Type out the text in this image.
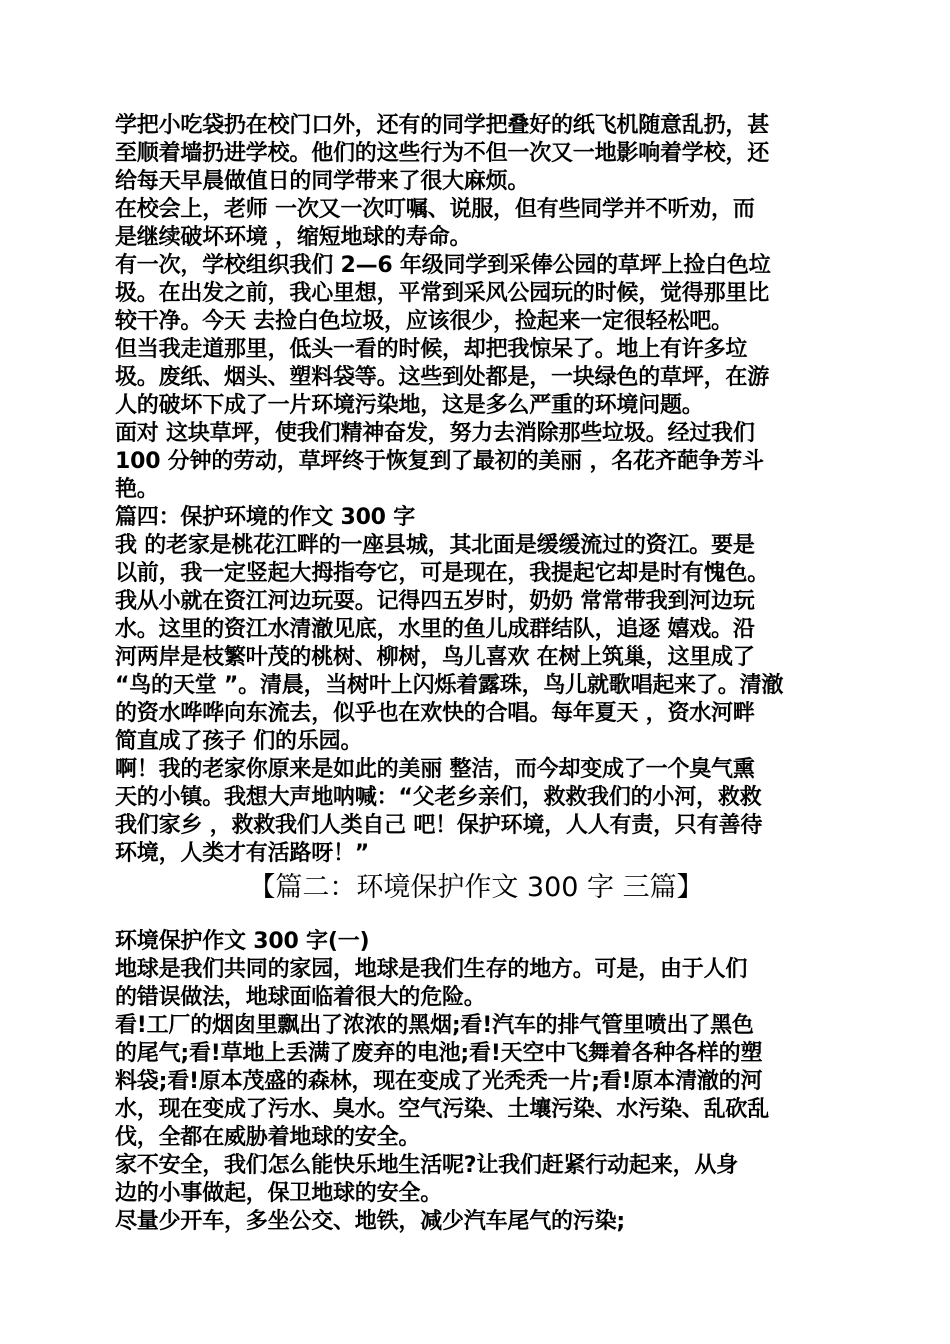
学把小吃袋扔在校门口外，还有的同学把叠好的纸飞机随意乱扔，甚
至顺着墙扔进学校。他们的这些行为不但一次又一地影响着学校，还
给每天早晨做值日的同学带来了很大麻烦。
在校会上，老师 一次又一次叮嘱、说服，但有些同学并不听劝，而
是继续破坏环境 ，缩短地球的寿命。
有一次，学校组织我们 2—6 年级同学到采俸公园的草坪上捡白色垃
圾。在出发之前，我心里想，平常到采风公园玩的时候，觉得那里比
较干净。今天 去捡白色垃圾，应该很少，捡起来一定很轻松吧。
但当我走道那里，低头一看的时候，却把我惊呆了。地上有许多垃
圾。废纸、烟头、塑料袋等。这些到处都是，一块绿色的草坪，在游
人的破坏下成了一片环境污染地，这是多么严重的环境问题。
面对 这块草坪，使我们精神奋发，努力去消除那些垃圾。经过我们
100 分钟的劳动，草坪终于恢复到了最初的美丽 ，名花齐葩争芳斗
艳。
篇四：保护环境的作文 300 字
我 的老家是桃花江畔的一座县城，其北面是缓缓流过的资江。要是
以前，我一定竖起大拇指夸它，可是现在，我提起它却是时有愧色。
我从小就在资江河边玩耍。记得四五岁时，奶奶 常常带我到河边玩
水。这里的资江水清澈见底，水里的鱼儿成群结队，追逐 嬉戏。沿
河两岸是枝繁叶茂的桃树、柳树，鸟儿喜欢 在树上筑巢，这里成了
“鸟的天堂 ”。清晨，当树叶上闪烁着露珠，鸟儿就歌唱起来了。清澈
的资水哗哗向东流去，似乎也在欢快的合唱。每年夏天 ，资水河畔
简直成了孩子 们的乐园。
啊！我的老家你原来是如此的美丽 整洁，而今却变成了一个臭气熏
天的小镇。我想大声地呐喊：“父老乡亲们，救救我们的小河，救救
我们家乡 ，救救我们人类自己 吧！保护环境，人人有责，只有善待
环境，人类才有活路呀！”
【篇二：环境保护作文 300 字 三篇】
环境保护作文 300 字(一)
地球是我们共同的家园，地球是我们生存的地方。可是，由于人们
的错误做法，地球面临着很大的危险。
看!工厂的烟囱里飘出了浓浓的黑烟;看!汽车的排气管里喷出了黑色
的尾气;看!草地上丢满了废弃的电池;看!天空中飞舞着各种各样的塑
料袋;看!原本茂盛的森林，现在变成了光秃秃一片;看!原本清澈的河
水，现在变成了污水、臭水。空气污染、土壤污染、水污染、乱砍乱
伐，全都在威胁着地球的安全。
家不安全，我们怎么能快乐地生活呢?让我们赶紧行动起来，从身
边的小事做起，保卫地球的安全。
尽量少开车，多坐公交、地铁，减少汽车尾气的污染;
